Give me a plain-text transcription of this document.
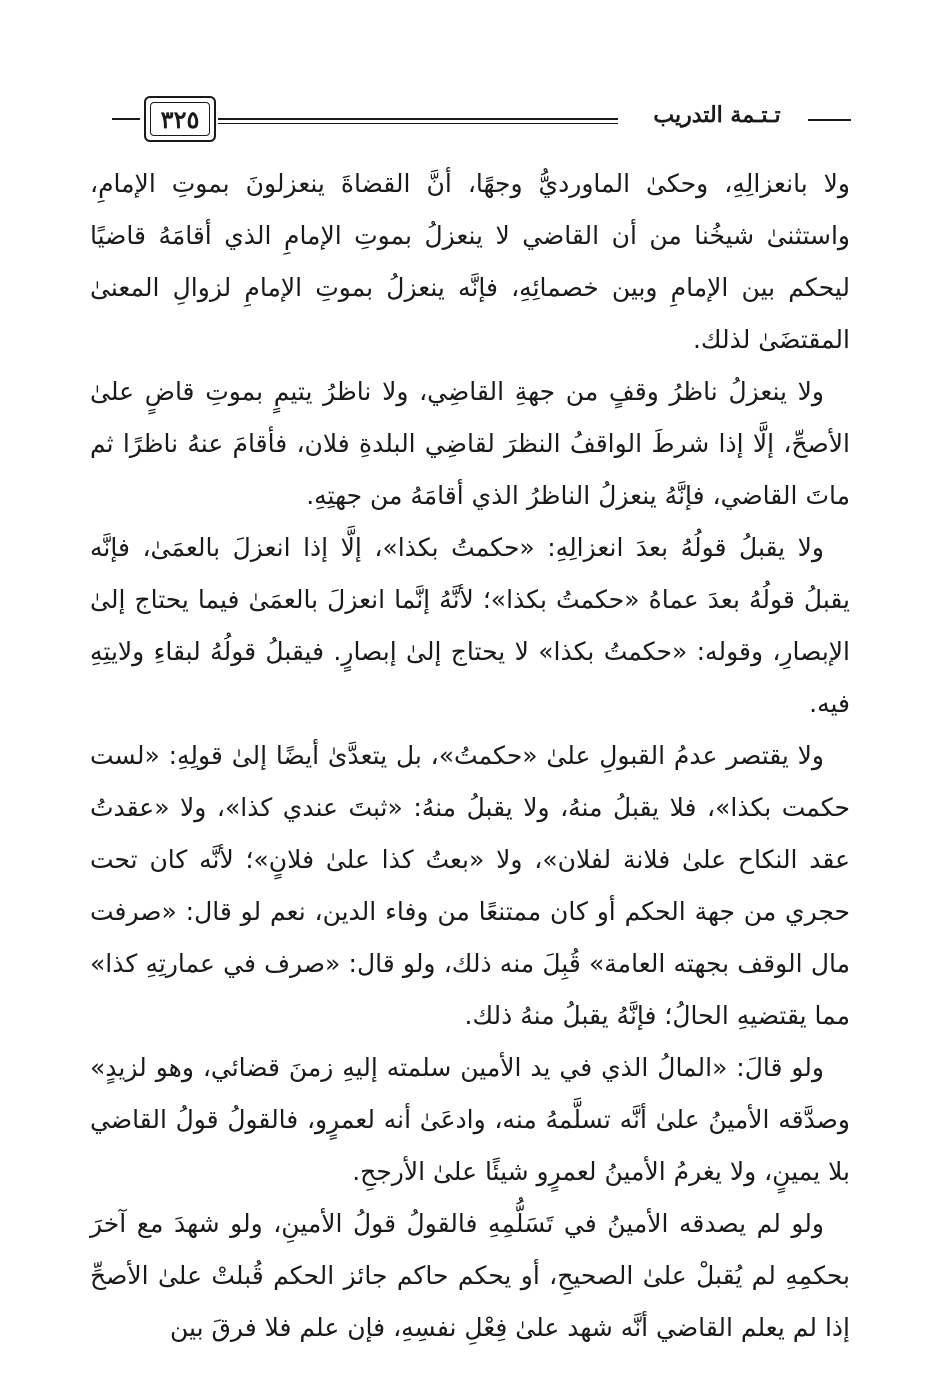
٣٢٥	تـتـمة التدريب

ولا بانعزالِهِ، وحكىٰ الماورديُّ وجهًا، أنَّ القضاةَ ينعزلونَ بموتِ الإمامِ، واستثنىٰ شيخُنا من أن القاضي لا ينعزلُ بموتِ الإمامِ الذي أقامَهُ قاضيًا ليحكم بين الإمامِ وبين خصمائِهِ، فإنَّه ينعزلُ بموتِ الإمامِ لزوالِ المعنىٰ المقتضَىٰ لذلك.

ولا ينعزلُ ناظرُ وقفٍ من جهةِ القاضِي، ولا ناظرُ يتيمٍ بموتِ قاضٍ علىٰ الأصحِّ، إلَّا إذا شرطَ الواقفُ النظرَ لقاضِي البلدةِ فلان، فأقامَ عنهُ ناظرًا ثم ماتَ القاضي، فإنَّهُ ينعزلُ الناظرُ الذي أقامَهُ من جهتِهِ.

ولا يقبلُ قولُهُ بعدَ انعزالِهِ: «حكمتُ بكذا»، إلَّا إذا انعزلَ بالعمَىٰ، فإنَّه يقبلُ قولُهُ بعدَ عماهُ «حكمتُ بكذا»؛ لأنَّهُ إنَّما انعزلَ بالعمَىٰ فيما يحتاج إلىٰ الإبصارِ، وقوله: «حكمتُ بكذا» لا يحتاج إلىٰ إبصارٍ. فيقبلُ قولُهُ لبقاءِ ولايتِهِ فيه.

ولا يقتصر عدمُ القبولِ علىٰ «حكمتُ»، بل يتعدَّىٰ أيضًا إلىٰ قولِهِ: «لست حكمت بكذا»، فلا يقبلُ منهُ، ولا يقبلُ منهُ: «ثبتَ عندي كذا»، ولا «عقدتُ عقد النكاح علىٰ فلانة لفلان»، ولا «بعتُ كذا علىٰ فلانٍ»؛ لأنَّه كان تحت حجري من جهة الحكم أو كان ممتنعًا من وفاء الدين، نعم لو قال: «صرفت مال الوقف بجهته العامة» قُبِلَ منه ذلك، ولو قال: «صرف في عمارتِهِ كذا» مما يقتضيهِ الحالُ؛ فإنَّهُ يقبلُ منهُ ذلك.

ولو قالَ: «المالُ الذي في يد الأمين سلمته إليهِ زمنَ قضائي، وهو لزيدٍ» وصدَّقه الأمينُ علىٰ أنَّه تسلَّمهُ منه، وادعَىٰ أنه لعمرٍو، فالقولُ قولُ القاضي بلا يمينٍ، ولا يغرمُ الأمينُ لعمرٍو شيئًا علىٰ الأرجحِ.

ولو لم يصدقه الأمينُ في تَسَلُّمِهِ فالقولُ قولُ الأمينِ، ولو شهدَ مع آخرَ بحكمِهِ لم يُقبلْ علىٰ الصحيحِ، أو يحكم حاكم جائز الحكم قُبلتْ علىٰ الأصحِّ إذا لم يعلم القاضي أنَّه شهد علىٰ فِعْلِ نفسِهِ، فإن علم فلا فرقَ بين
